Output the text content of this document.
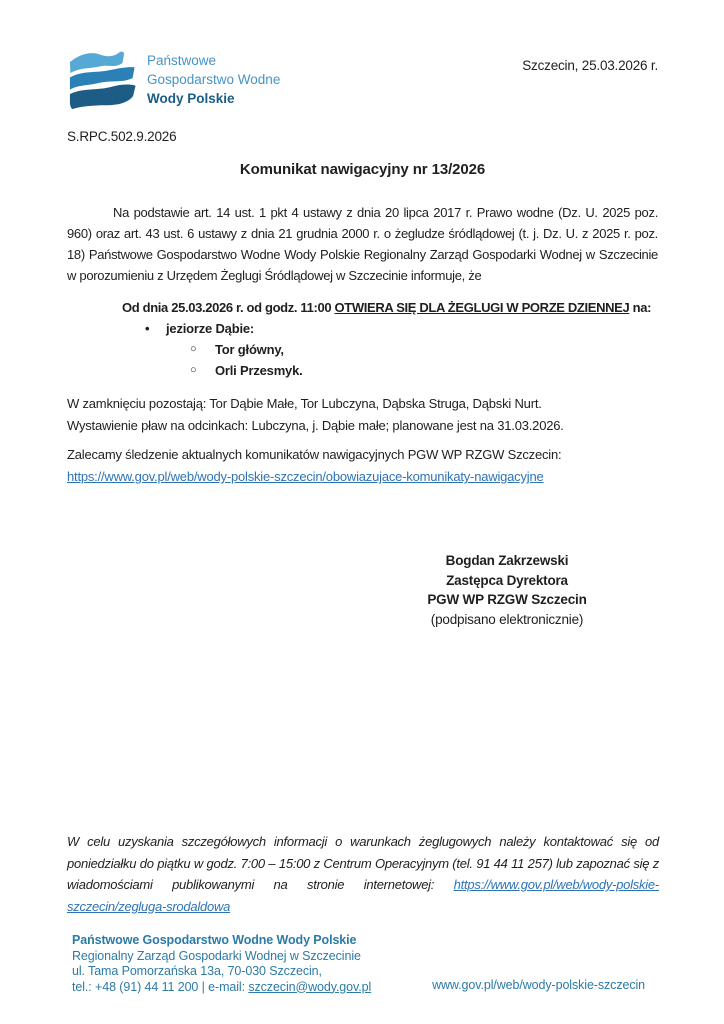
Państwowe
Gospodarstwo Wodne
Wody Polskie
Szczecin, 25.03.2026 r.
S.RPC.502.9.2026
Komunikat nawigacyjny nr 13/2026

Na podstawie art. 14 ust. 1 pkt 4 ustawy z dnia 20 lipca 2017 r. Prawo wodne (Dz. U. 2025 poz. 960) oraz art. 43 ust. 6 ustawy z dnia 21 grudnia 2000 r. o żegludze śródlądowej (t. j. Dz. U. z 2025 r. poz. 18) Państwowe Gospodarstwo Wodne Wody Polskie Regionalny Zarząd Gospodarki Wodnej w Szczecinie w porozumieniu z Urzędem Żeglugi Śródlądowej w Szczecinie informuje, że

Od dnia 25.03.2026 r. od godz. 11:00 OTWIERA SIĘ DLA ŻEGLUGI W PORZE DZIENNEJ na:
• jeziorze Dąbie:
○ Tor główny,
○ Orli Przesmyk.

W zamknięciu pozostają: Tor Dąbie Małe, Tor Lubczyna, Dąbska Struga, Dąbski Nurt.

Wystawienie pław na odcinkach: Lubczyna, j. Dąbie małe; planowane jest na 31.03.2026.

Zalecamy śledzenie aktualnych komunikatów nawigacyjnych PGW WP RZGW Szczecin:

https://www.gov.pl/web/wody-polskie-szczecin/obowiazujace-komunikaty-nawigacyjne
Bogdan Zakrzewski
Zastępca Dyrektora
PGW WP RZGW Szczecin
(podpisano elektronicznie)
W celu uzyskania szczegółowych informacji o warunkach żeglugowych należy kontaktować się od poniedziałku do piątku w godz. 7:00 – 15:00 z Centrum Operacyjnym (tel. 91 44 11 257) lub zapoznać się z wiadomościami publikowanymi na stronie internetowej: https://www.gov.pl/web/wody-polskie-szczecin/zegluga-srodaldowa
Państwowe Gospodarstwo Wodne Wody Polskie
Regionalny Zarząd Gospodarki Wodnej w Szczecinie
ul. Tama Pomorzańska 13a, 70-030 Szczecin,
tel.: +48 (91) 44 11 200 | e-mail: szczecin@wody.gov.pl	www.gov.pl/web/wody-polskie-szczecin
